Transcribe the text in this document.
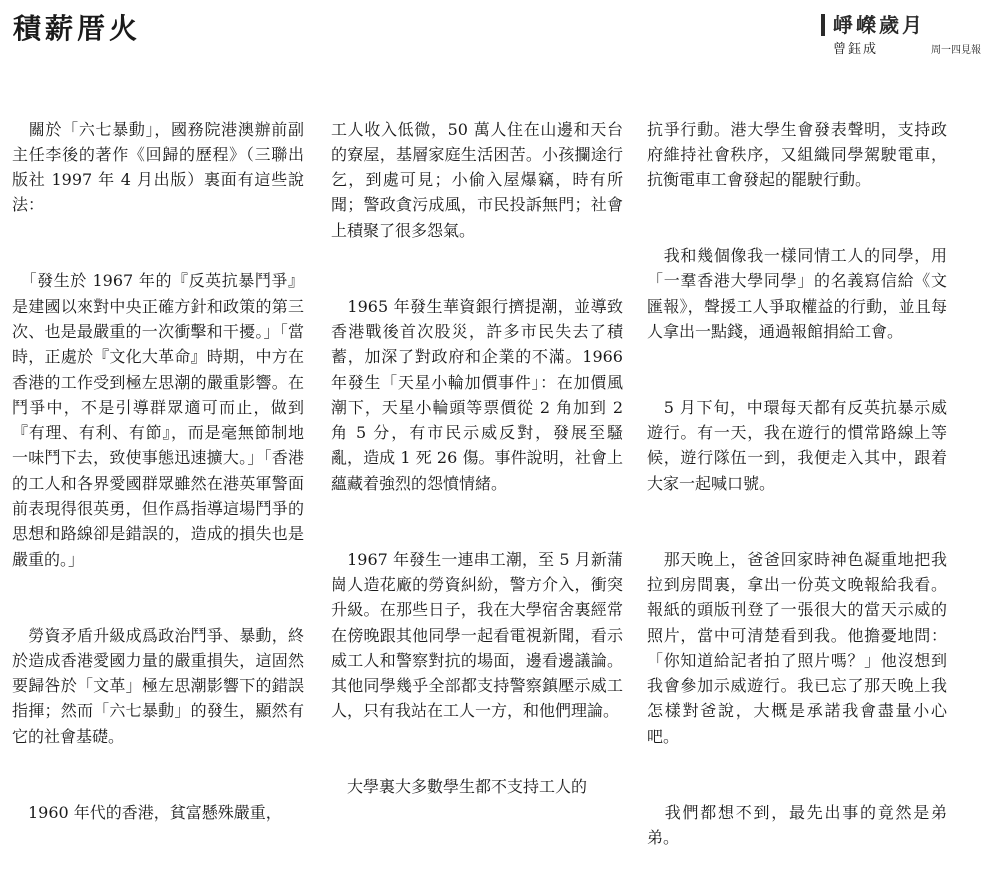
積薪厝火	崢嶸歲月
曾鈺成	周一四見報

　關於「六七暴動」，國務院港澳辦前副主任李後的著作《回歸的歷程》（三聯出版社 1997 年 4 月出版）裏面有這些說法：

　「發生於 1967 年的『反英抗暴鬥爭』是建國以來對中央正確方針和政策的第三次、也是最嚴重的一次衝擊和干擾。」「當時，正處於『文化大革命』時期，中方在香港的工作受到極左思潮的嚴重影響。在鬥爭中，不是引導群眾適可而止，做到『有理、有利、有節』，而是毫無節制地一味鬥下去，致使事態迅速擴大。」「香港的工人和各界愛國群眾雖然在港英軍警面前表現得很英勇，但作爲指導這場鬥爭的思想和路線卻是錯誤的，造成的損失也是嚴重的。」

　勞資矛盾升級成爲政治鬥爭、暴動，終於造成香港愛國力量的嚴重損失，這固然要歸咎於「文革」極左思潮影響下的錯誤指揮；然而「六七暴動」的發生，顯然有它的社會基礎。

　1960 年代的香港，貧富懸殊嚴重，

工人收入低微，50 萬人住在山邊和天台的寮屋，基層家庭生活困苦。小孩攔途行乞，到處可見；小偷入屋爆竊，時有所聞；警政貪污成風，市民投訴無門；社會上積聚了很多怨氣。

　1965 年發生華資銀行擠提潮，並導致香港戰後首次股災，許多市民失去了積蓄，加深了對政府和企業的不滿。1966 年發生「天星小輪加價事件」：在加價風潮下，天星小輪頭等票價從 2 角加到 2 角 5 分，有市民示威反對，發展至騷亂，造成 1 死 26 傷。事件說明，社會上蘊藏着強烈的怨憤情緒。

　1967 年發生一連串工潮，至 5 月新蒲崗人造花廠的勞資糾紛，警方介入，衝突升級。在那些日子，我在大學宿舍裏經常在傍晚跟其他同學一起看電視新聞，看示威工人和警察對抗的場面，邊看邊議論。其他同學幾乎全部都支持警察鎮壓示威工人，只有我站在工人一方，和他們理論。

　大學裏大多數學生都不支持工人的

抗爭行動。港大學生會發表聲明，支持政府維持社會秩序，又組織同學駕駛電車，抗衡電車工會發起的罷駛行動。

　我和幾個像我一樣同情工人的同學，用「一羣香港大學同學」的名義寫信給《文匯報》，聲援工人爭取權益的行動，並且每人拿出一點錢，通過報館捐給工會。

　5 月下旬，中環每天都有反英抗暴示威遊行。有一天，我在遊行的慣常路線上等候，遊行隊伍一到，我便走入其中，跟着大家一起喊口號。

　那天晚上，爸爸回家時神色凝重地把我拉到房間裏，拿出一份英文晚報給我看。報紙的頭版刊登了一張很大的當天示威的照片，當中可清楚看到我。他擔憂地問：「你知道給記者拍了照片嗎？」他沒想到我會參加示威遊行。我已忘了那天晚上我怎樣對爸說，大概是承諾我會盡量小心吧。

　我們都想不到，最先出事的竟然是弟弟。
